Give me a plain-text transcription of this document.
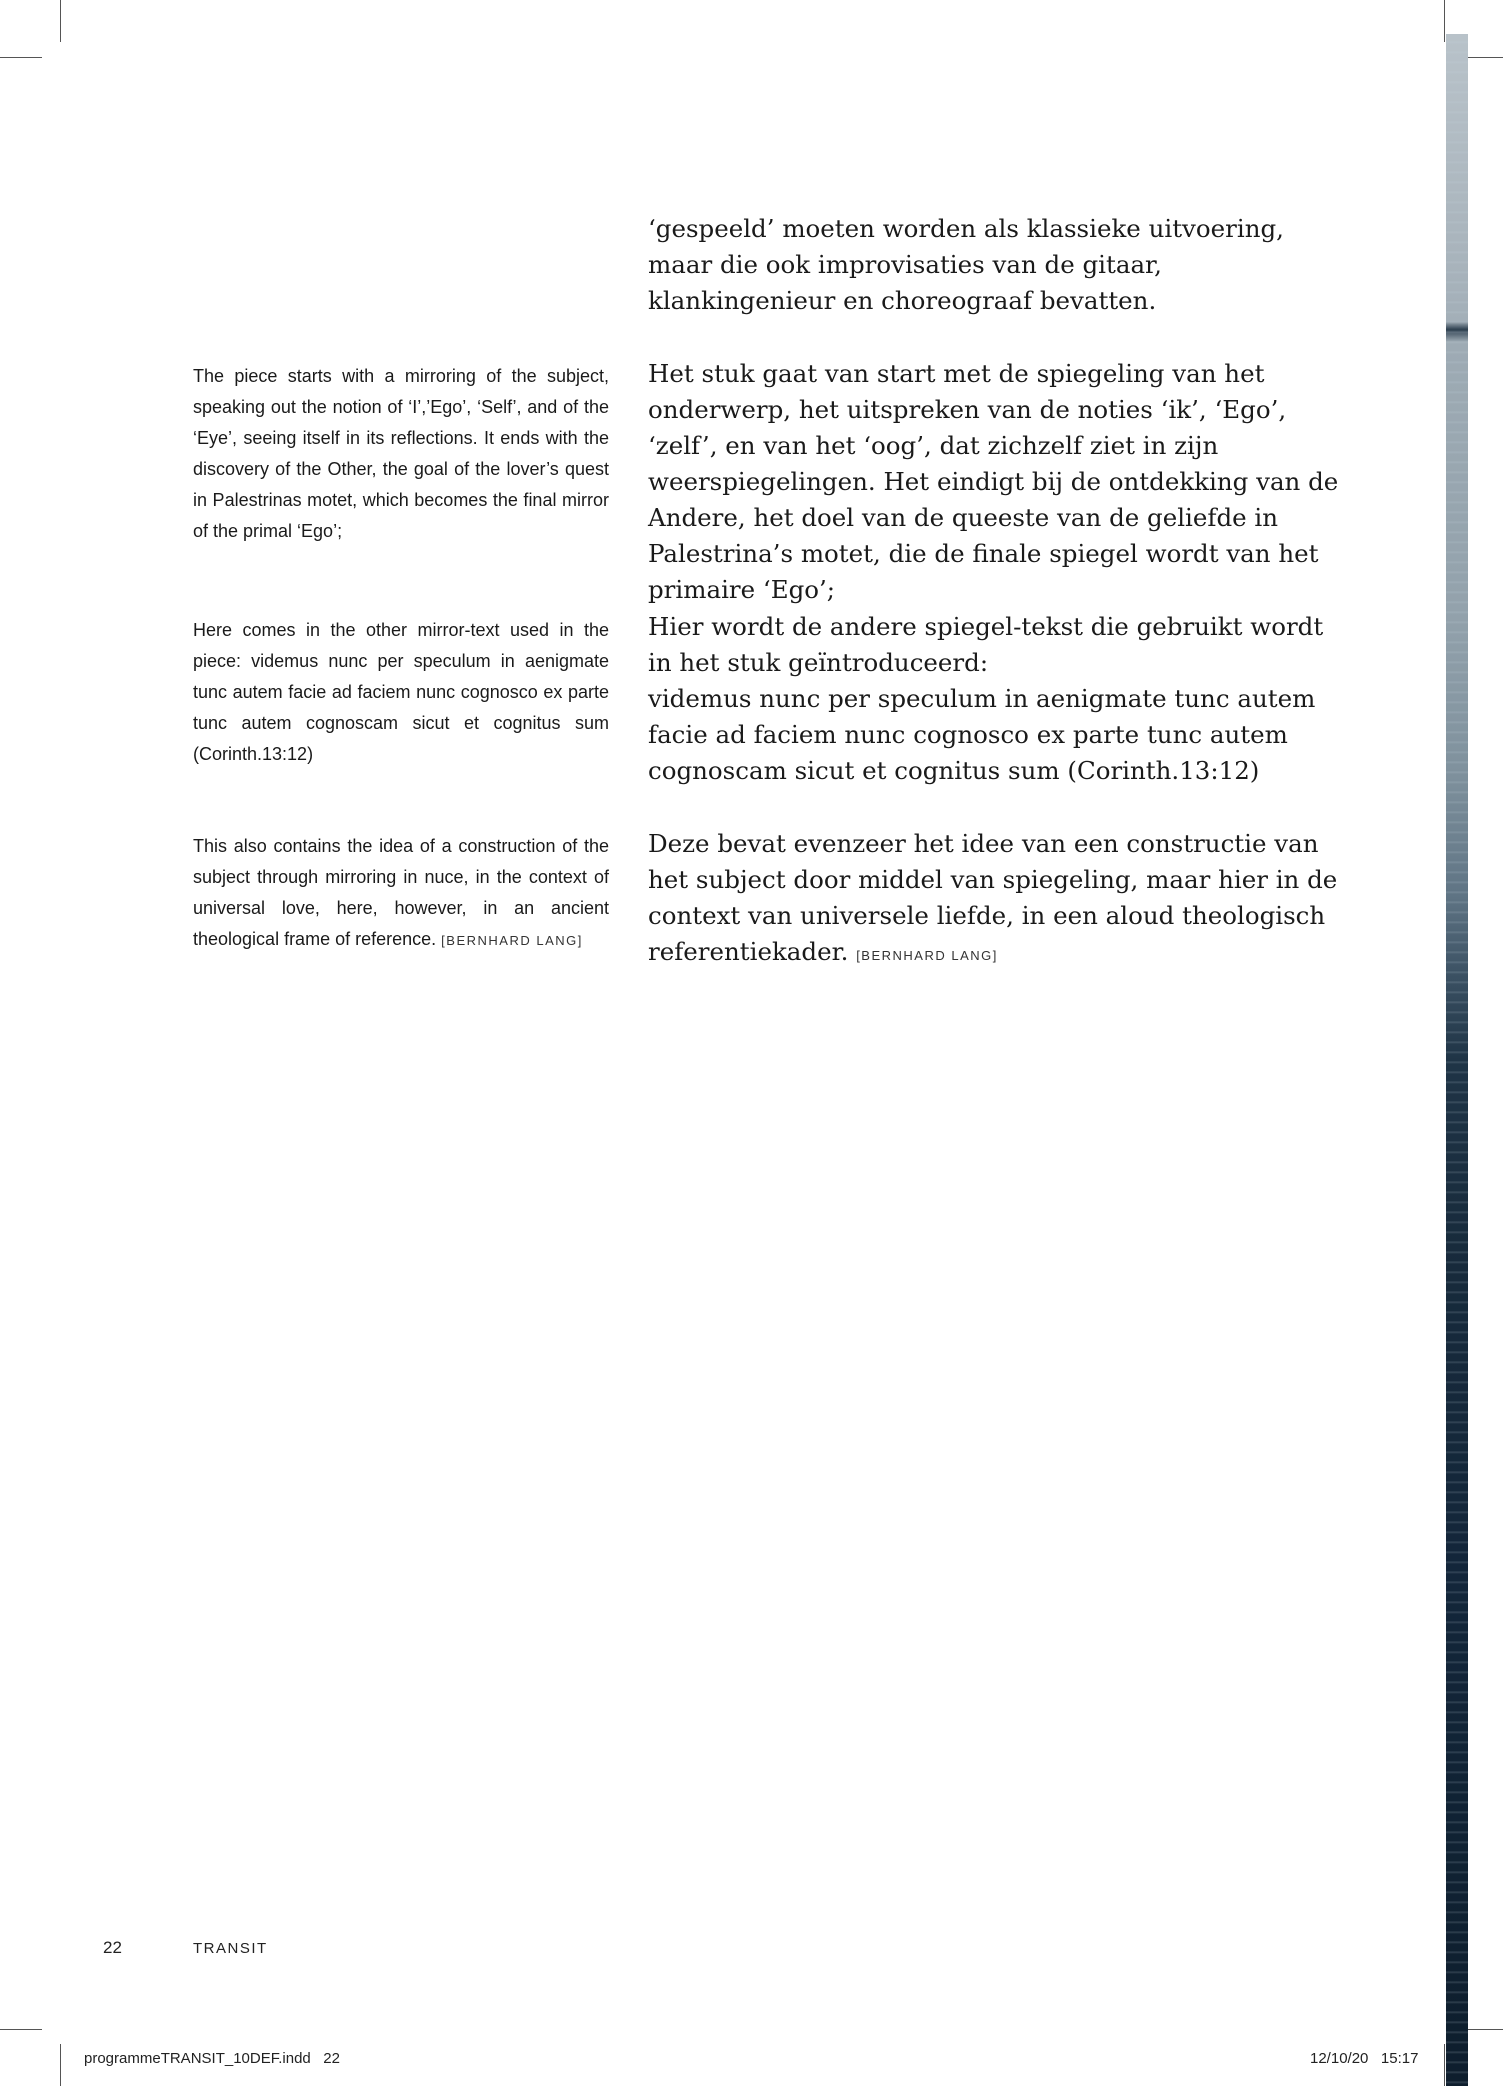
‘gespeeld’ moeten worden als klassieke uitvoering, maar die ook improvisaties van de gitaar, klankingenieur en choreograaf bevatten.

The piece starts with a mirroring of the subject, speaking out the notion of ‘I’,’Ego’, ‘Self’, and of the ‘Eye’, seeing itself in its reflections. It ends with the discovery of the Other, the goal of the lover’s quest in Palestrinas motet, which becomes the final mirror of the primal ‘Ego’;

Het stuk gaat van start met de spiegeling van het onderwerp, het uitspreken van de noties ‘ik’, ‘Ego’, ‘zelf’, en van het ‘oog’, dat zichzelf ziet in zijn weerspiegelingen. Het eindigt bij de ontdekking van de Andere, het doel van de queeste van de geliefde in Palestrina’s motet, die de finale spiegel wordt van het primaire ‘Ego’;

Here comes in the other mirror-text used in the piece: videmus nunc per speculum in aenigmate tunc autem facie ad faciem nunc cognosco ex parte tunc autem cognoscam sicut et cognitus sum (Corinth.13:12)

Hier wordt de andere spiegel-tekst die gebruikt wordt in het stuk geïntroduceerd:

videmus nunc per speculum in aenigmate tunc autem facie ad faciem nunc cognosco ex parte tunc autem cognoscam sicut et cognitus sum (Corinth.13:12)

This also contains the idea of a construction of the subject through mirroring in nuce, in the context of universal love, here, however, in an ancient theological frame of reference. [BERNHARD LANG]

Deze bevat evenzeer het idee van een constructie van het subject door middel van spiegeling, maar hier in de context van universele liefde, in een aloud theologisch referentiekader. [BERNHARD LANG]

22	TRANSIT
programmeTRANSIT_10DEF.indd   22	12/10/20   15:17
